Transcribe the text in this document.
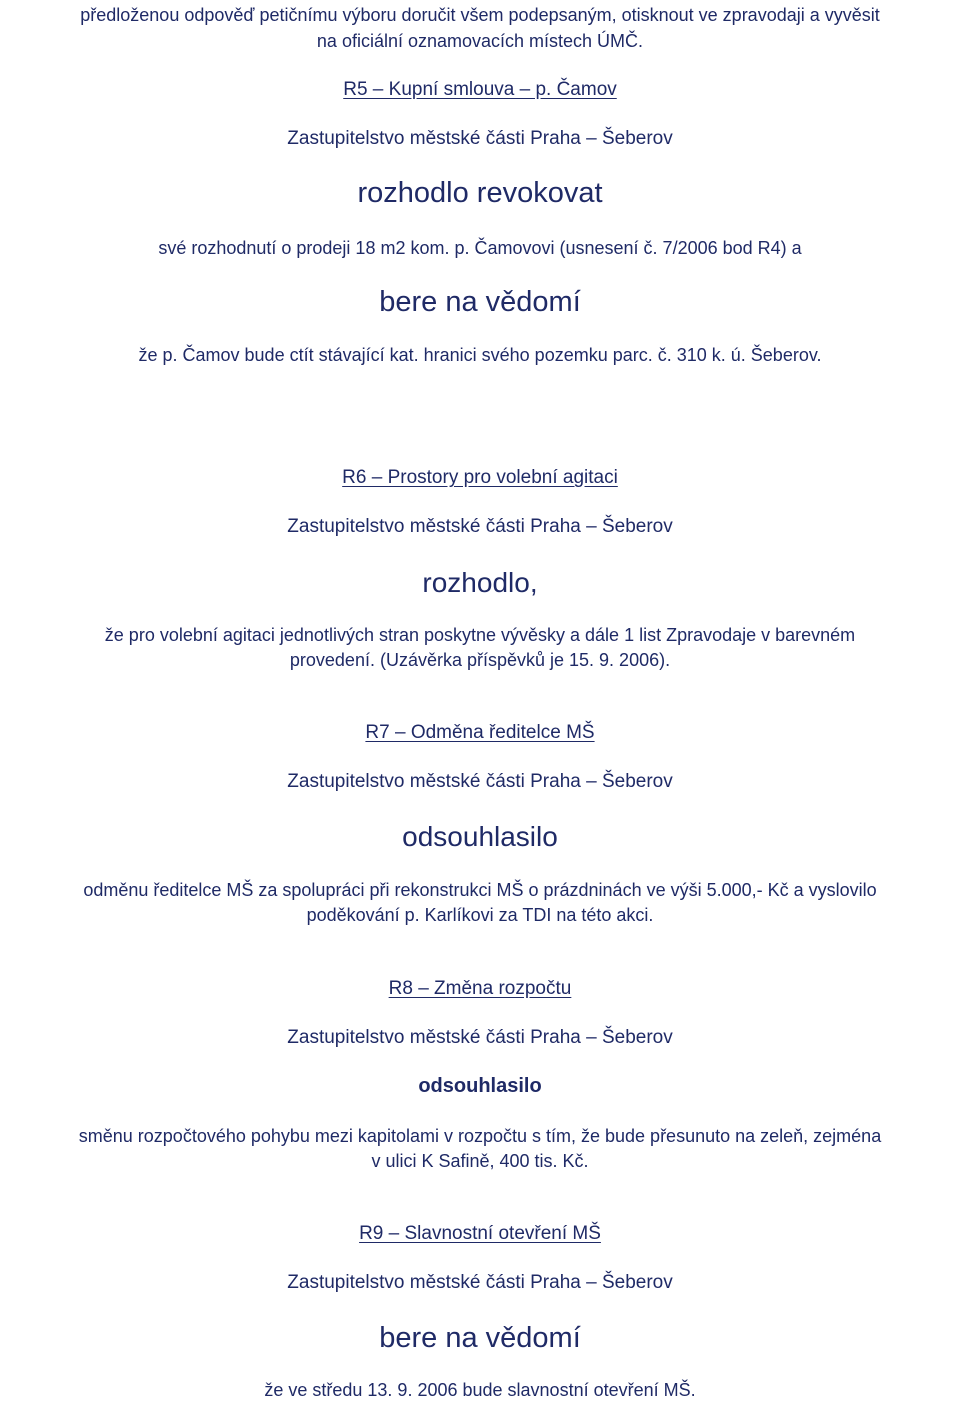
předloženou odpověď petičnímu výboru doručit všem podepsaným, otisknout ve zpravodaji a vyvěsit
na oficiální oznamovacích místech ÚMČ.
R5 – Kupní smlouva – p. Čamov
Zastupitelstvo městské části Praha – Šeberov
rozhodlo revokovat
své rozhodnutí o prodeji 18 m2 kom. p. Čamovovi (usnesení č. 7/2006 bod R4) a
bere na vědomí
že p. Čamov bude ctít stávající kat. hranici svého pozemku parc. č. 310 k. ú. Šeberov.
R6 – Prostory pro volební agitaci
Zastupitelstvo městské části Praha – Šeberov
rozhodlo,
že pro volební agitaci jednotlivých stran poskytne vývěsky a dále 1 list Zpravodaje v barevném
provedení. (Uzávěrka příspěvků je 15. 9. 2006).
R7 – Odměna ředitelce MŠ
Zastupitelstvo městské části Praha – Šeberov
odsouhlasilo
odměnu ředitelce MŠ za spolupráci při rekonstrukci MŠ o prázdninách ve výši 5.000,- Kč a vyslovilo
poděkování p. Karlíkovi za TDI na této akci.
R8 – Změna rozpočtu
Zastupitelstvo městské části Praha – Šeberov
odsouhlasilo
směnu rozpočtového pohybu mezi kapitolami v rozpočtu s tím, že bude přesunuto na zeleň, zejména
v ulici K Safině, 400 tis. Kč.
R9 – Slavnostní otevření MŠ
Zastupitelstvo městské části Praha – Šeberov
bere na vědomí
že ve středu 13. 9. 2006 bude slavnostní otevření MŠ.
